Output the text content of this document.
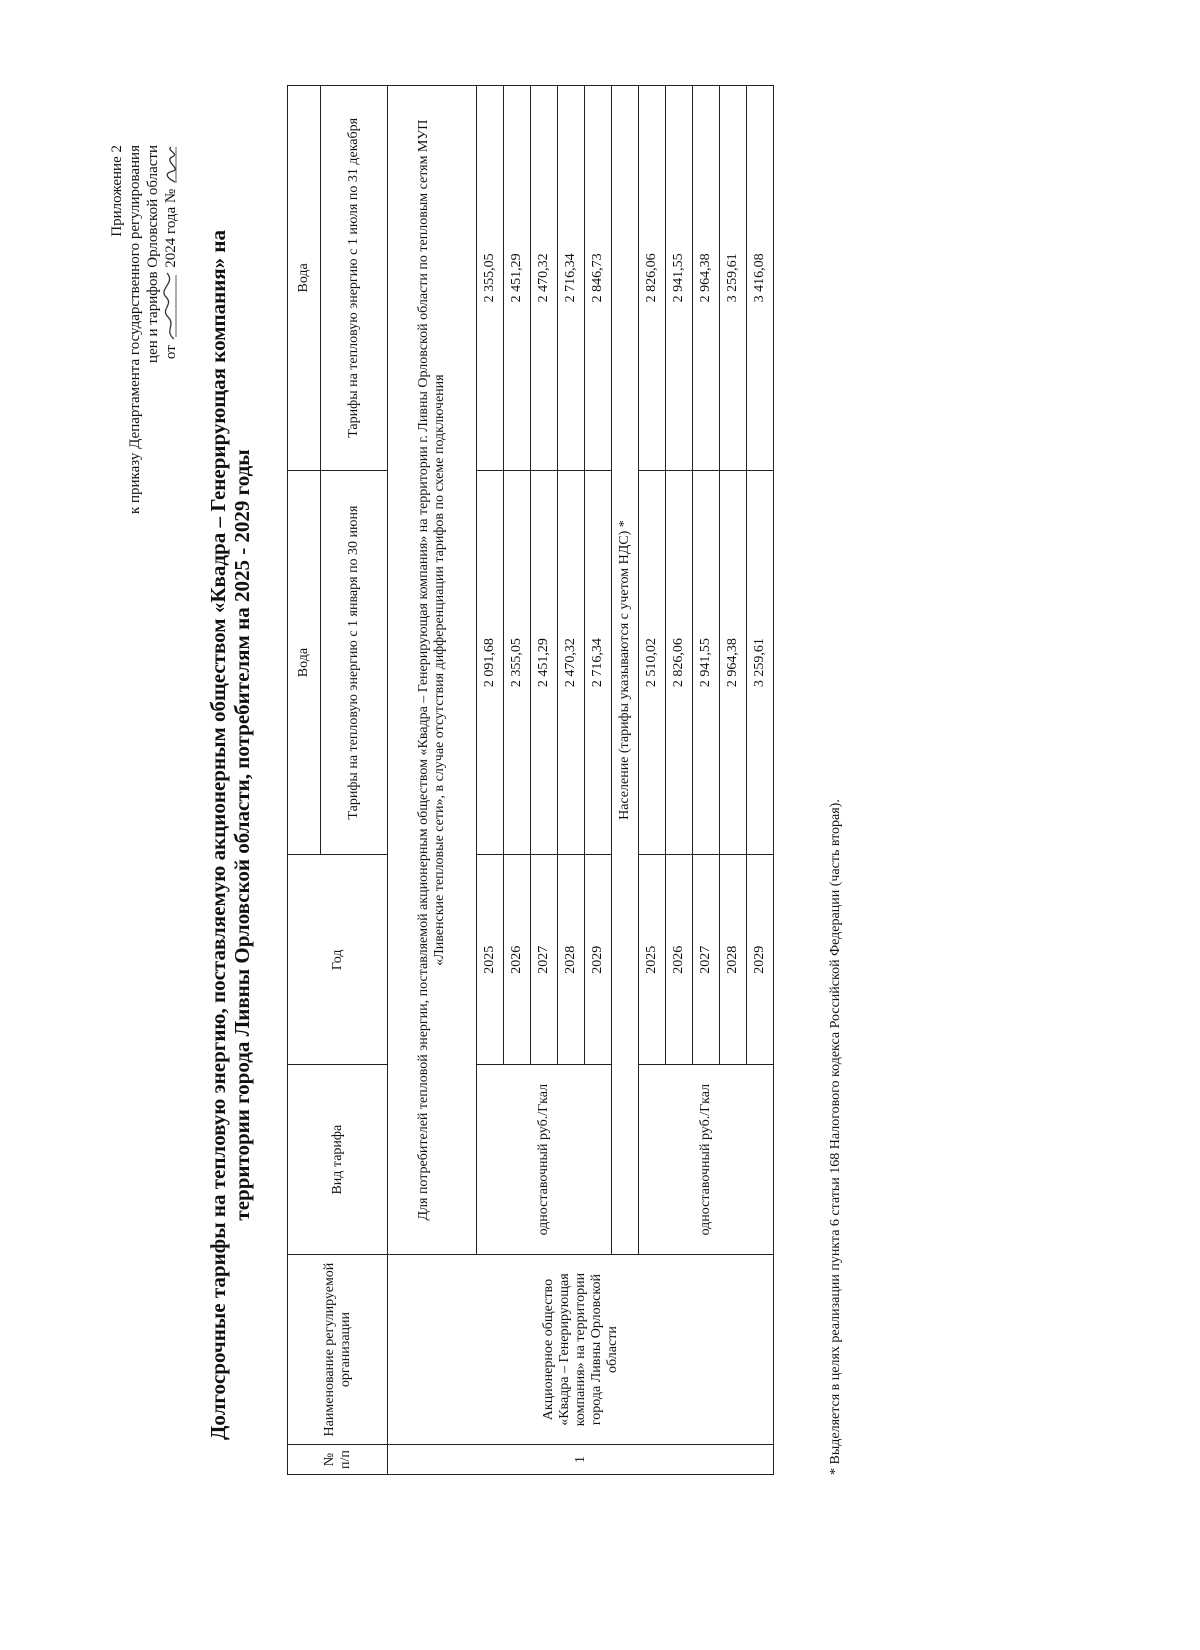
Приложение 2 к приказу Департамента государственного регулирования цен и тарифов Орловской области от  2024 года №
Долгосрочные тарифы на тепловую энергию, поставляемую акционерным обществом «Квадра – Генерирующая компания» на территории города Ливны Орловской области, потребителям на 2025 - 2029 годы
№ п/п	Наименование регулируемой организации	Вид тарифа	Год	Вода	Вода
				Тарифы на тепловую энергию с 1 января по 30 июня	Тарифы на тепловую энергию с 1 июля по 31 декабря
1	Акционерное общество «Квадра – Генерирующая компания» на территории города Ливны Орловской области	Для потребителей тепловой энергии, поставляемой акционерным обществом «Квадра – Генерирующая компания» на территории г. Ливны Орловской области по тепловым сетям МУП «Ливенские тепловые сети», в случае отсутствия дифференциации тарифов по схеме подключения			
		одноставочный руб./Гкал	2025	2 091,68	2 355,05
			2026	2 355,05	2 451,29
			2027	2 451,29	2 470,32
			2028	2 470,32	2 716,34
			2029	2 716,34	2 846,73
		Население (тарифы указываются с учетом НДС) *			
		одноставочный руб./Гкал	2025	2 510,02	2 826,06
			2026	2 826,06	2 941,55
			2027	2 941,55	2 964,38
			2028	2 964,38	3 259,61
			2029	3 259,61	3 416,08
* Выделяется в целях реализации пункта 6 статьи 168 Налогового кодекса Российской Федерации (часть вторая).
